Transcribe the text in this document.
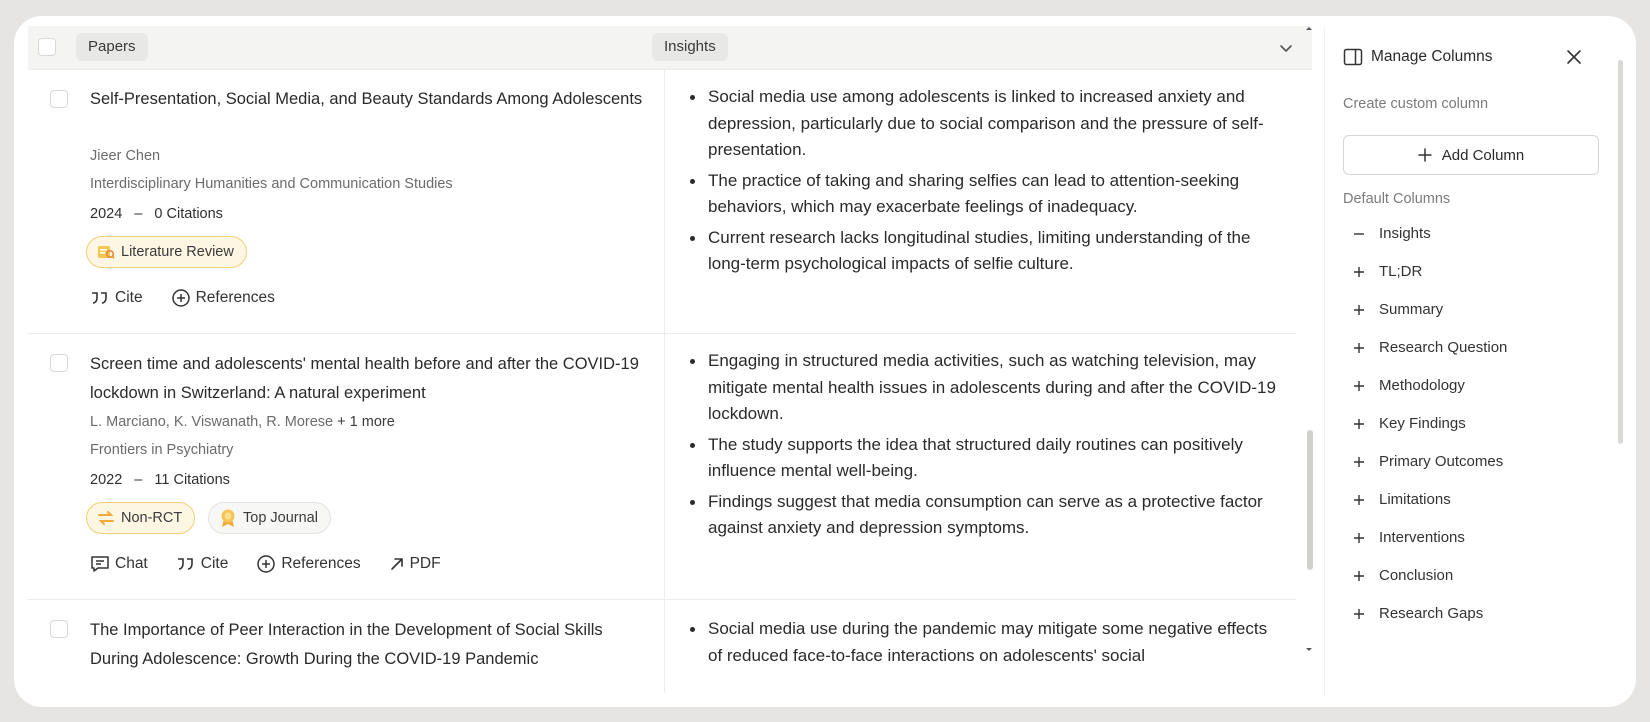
Papers	Insights
Self-Presentation, Social Media, and Beauty Standards Among Adolescents
Jieer Chen
Interdisciplinary Humanities and Communication Studies
2024 – 0 Citations
Literature Review
Cite	References
Social media use among adolescents is linked to increased anxiety and depression, particularly due to social comparison and the pressure of self-presentation.
The practice of taking and sharing selfies can lead to attention-seeking behaviors, which may exacerbate feelings of inadequacy.
Current research lacks longitudinal studies, limiting understanding of the long-term psychological impacts of selfie culture.
Screen time and adolescents' mental health before and after the COVID-19 lockdown in Switzerland: A natural experiment
L. Marciano, K. Viswanath, R. Morese + 1 more
Frontiers in Psychiatry
2022 – 11 Citations
Non-RCT	Top Journal
Chat	Cite	References	PDF
Engaging in structured media activities, such as watching television, may mitigate mental health issues in adolescents during and after the COVID-19 lockdown.
The study supports the idea that structured daily routines can positively influence mental well-being.
Findings suggest that media consumption can serve as a protective factor against anxiety and depression symptoms.
The Importance of Peer Interaction in the Development of Social Skills During Adolescence: Growth During the COVID-19 Pandemic
Social media use during the pandemic may mitigate some negative effects of reduced face-to-face interactions on adolescents' social
Manage Columns
Create custom column
Add Column
Default Columns
Insights
TL;DR
Summary
Research Question
Methodology
Key Findings
Primary Outcomes
Limitations
Interventions
Conclusion
Research Gaps
